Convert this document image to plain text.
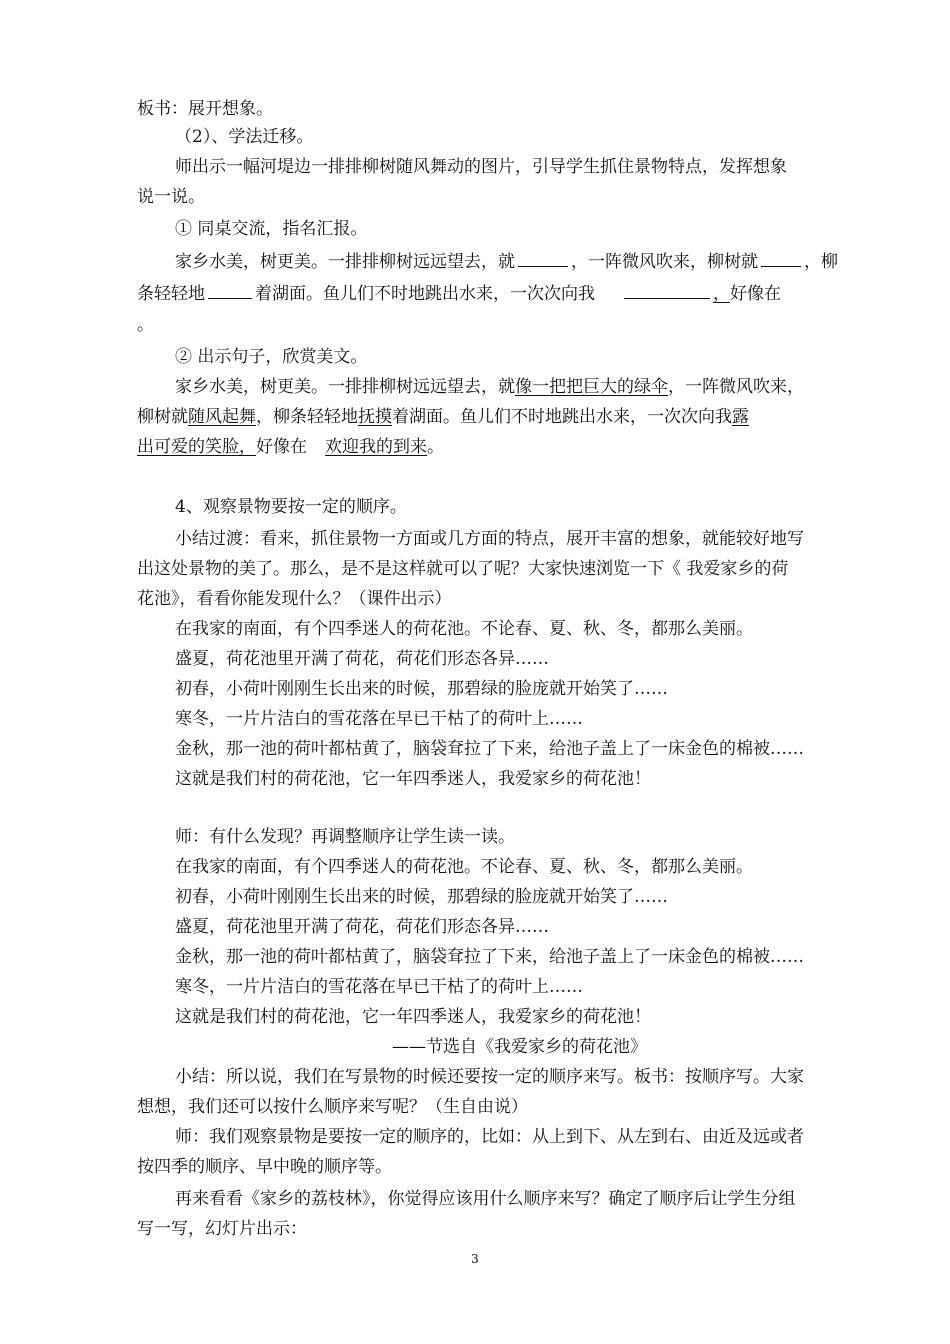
板书：展开想象。
（2）、学法迁移。
师出示一幅河堤边一排排柳树随风舞动的图片，引导学生抓住景物特点，发挥想象
说一说。
① 同桌交流，指名汇报。
家乡水美，树更美。一排排柳树远远望去，就	，一阵微风吹来，柳树就	，柳
条轻轻地	着湖面。鱼儿们不时地跳出水来，一次次向我	，好像在
。
② 出示句子，欣赏美文。
家乡水美，树更美。一排排柳树远远望去，就像一把把巨大的绿伞，一阵微风吹来，
柳树就随风起舞，柳条轻轻地抚摸着湖面。鱼儿们不时地跳出水来，一次次向我露
出可爱的笑脸，好像在 欢迎我的到来。
4、观察景物要按一定的顺序。
小结过渡：看来，抓住景物一方面或几方面的特点，展开丰富的想象，就能较好地写
出这处景物的美了。那么，是不是这样就可以了呢？大家快速浏览一下《 我爱家乡的荷
花池》，看看你能发现什么？（课件出示）
在我家的南面，有个四季迷人的荷花池。不论春、夏、秋、冬，都那么美丽。
盛夏，荷花池里开满了荷花，荷花们形态各异……
初春，小荷叶刚刚生长出来的时候，那碧绿的脸庞就开始笑了……
寒冬，一片片洁白的雪花落在早已干枯了的荷叶上……
金秋，那一池的荷叶都枯黄了，脑袋耷拉了下来，给池子盖上了一床金色的棉被……
这就是我们村的荷花池，它一年四季迷人，我爱家乡的荷花池！
师：有什么发现？再调整顺序让学生读一读。
在我家的南面，有个四季迷人的荷花池。不论春、夏、秋、冬，都那么美丽。
初春，小荷叶刚刚生长出来的时候，那碧绿的脸庞就开始笑了……
盛夏，荷花池里开满了荷花，荷花们形态各异……
金秋，那一池的荷叶都枯黄了，脑袋耷拉了下来，给池子盖上了一床金色的棉被……
寒冬，一片片洁白的雪花落在早已干枯了的荷叶上……
这就是我们村的荷花池，它一年四季迷人，我爱家乡的荷花池！
——节选自《我爱家乡的荷花池》
小结：所以说，我们在写景物的时候还要按一定的顺序来写。板书：按顺序写。大家
想想，我们还可以按什么顺序来写呢？（生自由说）
师：我们观察景物是要按一定的顺序的，比如：从上到下、从左到右、由近及远或者
按四季的顺序、早中晚的顺序等。
再来看看《家乡的荔枝林》，你觉得应该用什么顺序来写？确定了顺序后让学生分组
写一写，幻灯片出示：
3
